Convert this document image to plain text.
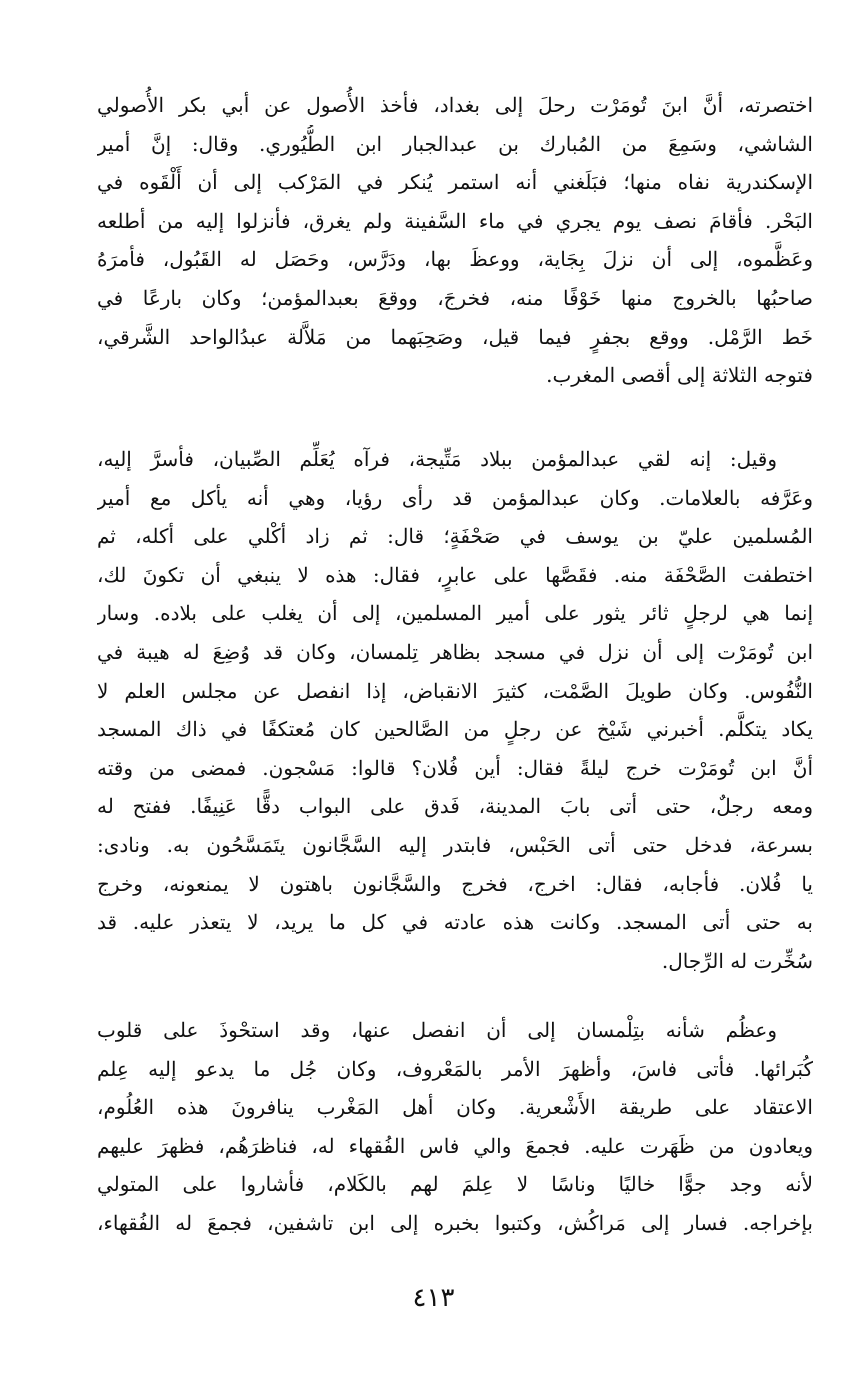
اختصرته، أنَّ ابنَ تُومَرْت رحلَ إلى بغداد، فأخذ الأُصول عن أبي بكر الأُصولي
الشاشي، وسَمِعَ من المُبارك بن عبدالجبار ابن الطُّيُوري. وقال: إنَّ أمير
الإسكندرية نفاه منها؛ فبَلَغني أنه استمر يُنكر في المَرْكب إلى أن أَلْقَوه في
البَحْر. فأقامَ نصف يوم يجري في ماء السَّفينة ولم يغرق، فأنزلوا إليه من أطلعه
وعَظَّموه، إلى أن نزلَ بِجَاية، ووعظَ بها، ودَرَّس، وحَصَل له القَبُول، فأمرَهُ
صاحبُها بالخروج منها خَوْفًا منه، فخرجَ، ووقعَ بعبدالمؤمن؛ وكان بارعًا في
خَط الرَّمْل. ووقع بجفرٍ فيما قيل، وصَحِبَهما من مَلاَّلة عبدُالواحد الشَّرقي،
فتوجه الثلاثة إلى أقصى المغرب.
وقيل: إنه لقي عبدالمؤمن ببلاد مَتِّيجة، فرآه يُعَلِّم الصِّبيان، فأسرَّ إليه،
وعَرَّفه بالعلامات. وكان عبدالمؤمن قد رأى رؤيا، وهي أنه يأكل مع أمير
المُسلمين عليّ بن يوسف في صَحْفَةٍ؛ قال: ثم زاد أكْلي على أكله، ثم
اختطفت الصَّحْفَة منه. فقَصَّها على عابرٍ، فقال: هذه لا ينبغي أن تكونَ لك،
إنما هي لرجلٍ ثائر يثور على أمير المسلمين، إلى أن يغلب على بلاده. وسار
ابن تُومَرْت إلى أن نزل في مسجد بظاهر تِلمسان، وكان قد وُضِعَ له هيبة في
النُّفُوس. وكان طويلَ الصَّمْت، كثيرَ الانقباض، إذا انفصل عن مجلس العلم لا
يكاد يتكلَّم. أخبرني شَيْخ عن رجلٍ من الصَّالحين كان مُعتكفًا في ذاك المسجد
أنَّ ابن تُومَرْت خرج ليلةً فقال: أين فُلان؟ قالوا: مَسْجون. فمضى من وقته
ومعه رجلٌ، حتى أتى بابَ المدينة، فَدق على البواب دقًّا عَنِيفًا. ففتح له
بسرعة، فدخل حتى أتى الحَبْس، فابتدر إليه السَّجَّانون يتَمَسَّحُون به. ونادى:
يا فُلان. فأجابه، فقال: اخرج، فخرج والسَّجَّانون باهتون لا يمنعونه، وخرج
به حتى أتى المسجد. وكانت هذه عادته في كل ما يريد، لا يتعذر عليه. قد
سُخِّرت له الرِّجال.
وعظُم شأنه بتِلْمسان إلى أن انفصل عنها، وقد استحْوذَ على قلوب
كُبَرائها. فأتى فاسَ، وأظهرَ الأمر بالمَعْروف، وكان جُل ما يدعو إليه عِلم
الاعتقاد على طريقة الأَشْعرية. وكان أهل المَغْرب ينافرونَ هذه العُلُوم،
ويعادون من ظَهَرت عليه. فجمعَ والي فاس الفُقهاء له، فناظرَهُم، فظهرَ عليهم
لأنه وجد جوًّا خاليًا وناسًا لا عِلمَ لهم بالكَلام، فأشاروا على المتولي
بإخراجه. فسار إلى مَراكُش، وكتبوا بخبره إلى ابن تاشفين، فجمعَ له الفُقهاء،
٤١٣
